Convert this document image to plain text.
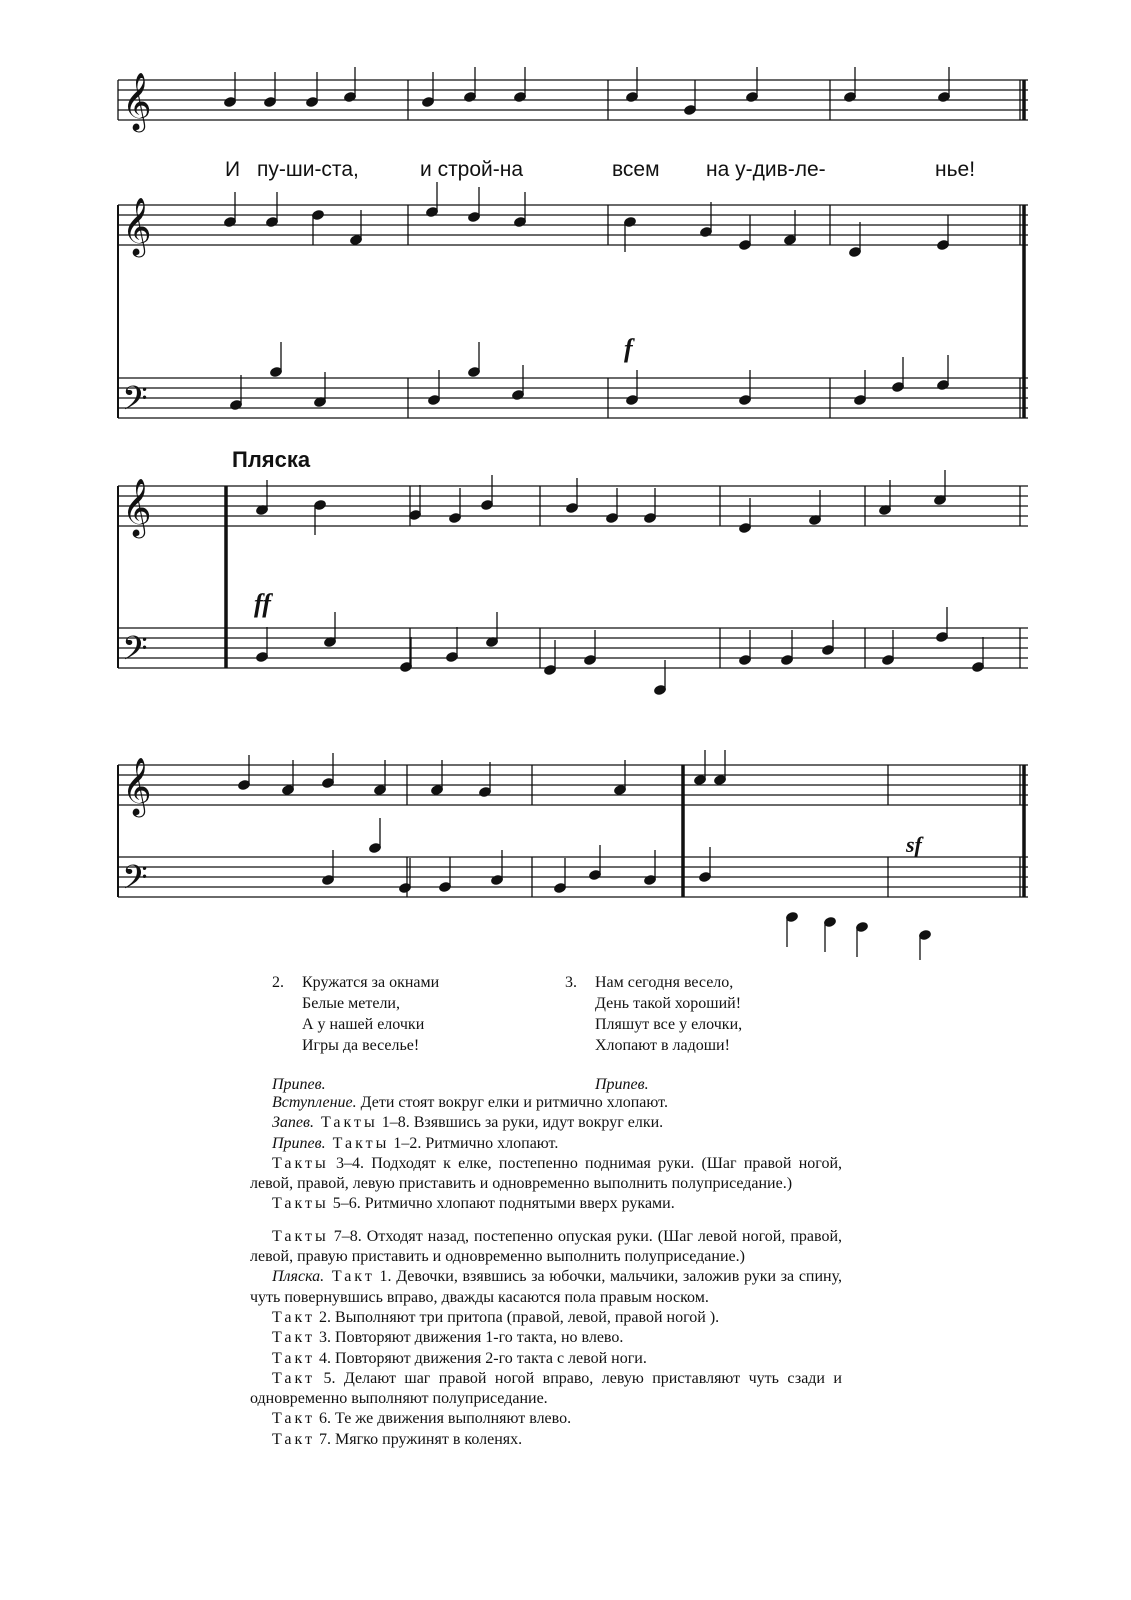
𝄞
𝄞
𝄢
𝄞
𝄢
𝄞
𝄢
f
ff
sf
И пу-ши-ста,	и строй-на	всем на у-див-ле-	нье!
Пляска
2. Кружатся за окнами
Белые метели,
А у нашей елочки
Игры да веселье!
Припев.
3. Нам сегодня весело,
День такой хороший!
Пляшут все у елочки,
Хлопают в ладоши!
Припев.

Вступление. Дети стоят вокруг елки и ритмично хлопают.

Запев. Такты 1–8. Взявшись за руки, идут вокруг елки.

Припев. Такты 1–2. Ритмично хлопают.

Такты 3–4. Подходят к елке, постепенно поднимая руки. (Шаг правой ногой, левой, правой, левую приставить и одновременно выполнить полуприседание.)

Такты 5–6. Ритмично хлопают поднятыми вверх руками.

Такты 7–8. Отходят назад, постепенно опуская руки. (Шаг левой ногой, правой, левой, правую приставить и одновременно выполнить полуприседание.)

Пляска. Такт 1. Девочки, взявшись за юбочки, мальчики, заложив руки за спину, чуть повернувшись вправо, дважды касаются пола правым носком.

Такт 2. Выполняют три притопа (правой, левой, правой ногой ).

Такт 3. Повторяют движения 1-го такта, но влево.

Такт 4. Повторяют движения 2-го такта с левой ноги.

Такт 5. Делают шаг правой ногой вправо, левую приставляют чуть сзади и одновременно выполняют полуприседание.

Такт 6. Те же движения выполняют влево.

Такт 7. Мягко пружинят в коленях.
